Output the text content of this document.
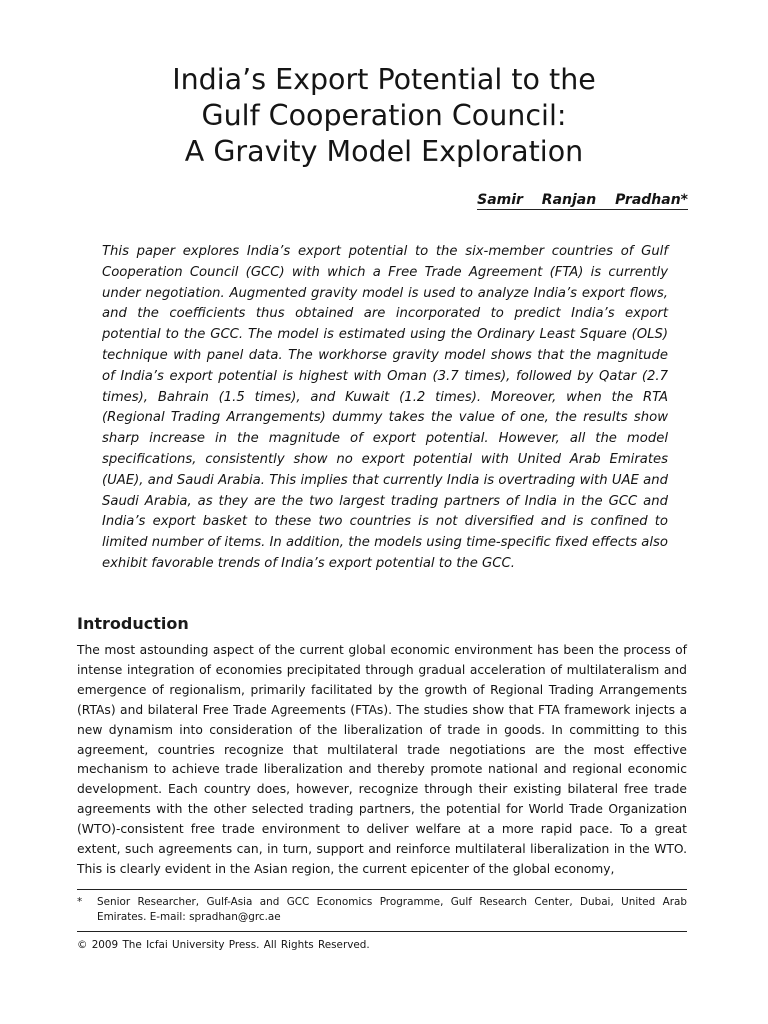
India’s Export Potential to the
Gulf Cooperation Council:
A Gravity Model Exploration
Samir Ranjan Pradhan*

This paper explores India’s export potential to the six-member countries of Gulf Cooperation Council (GCC) with which a Free Trade Agreement (FTA) is currently under negotiation. Augmented gravity model is used to analyze India’s export flows, and the coefficients thus obtained are incorporated to predict India’s export potential to the GCC. The model is estimated using the Ordinary Least Square (OLS) technique with panel data. The workhorse gravity model shows that the magnitude of India’s export potential is highest with Oman (3.7 times), followed by Qatar (2.7 times), Bahrain (1.5 times), and Kuwait (1.2 times). Moreover, when the RTA (Regional Trading Arrangements) dummy takes the value of one, the results show sharp increase in the magnitude of export potential. However, all the model specifications, consistently show no export potential with United Arab Emirates (UAE), and Saudi Arabia. This implies that currently India is overtrading with UAE and Saudi Arabia, as they are the two largest trading partners of India in the GCC and India’s export basket to these two countries is not diversified and is confined to limited number of items. In addition, the models using time-specific fixed effects also exhibit favorable trends of India’s export potential to the GCC.

Introduction

The most astounding aspect of the current global economic environment has been the process of intense integration of economies precipitated through gradual acceleration of multilateralism and emergence of regionalism, primarily facilitated by the growth of Regional Trading Arrangements (RTAs) and bilateral Free Trade Agreements (FTAs). The studies show that FTA framework injects a new dynamism into consideration of the liberalization of trade in goods. In committing to this agreement, countries recognize that multilateral trade negotiations are the most effective mechanism to achieve trade liberalization and thereby promote national and regional economic development. Each country does, however, recognize through their existing bilateral free trade agreements with the other selected trading partners, the potential for World Trade Organization (WTO)-consistent free trade environment to deliver welfare at a more rapid pace. To a great extent, such agreements can, in turn, support and reinforce multilateral liberalization in the WTO. This is clearly evident in the Asian region, the current epicenter of the global economy,

*	Senior Researcher, Gulf-Asia and GCC Economics Programme, Gulf Research Center, Dubai, United Arab Emirates. E-mail: spradhan@grc.ae
© 2009 The Icfai University Press. All Rights Reserved.
